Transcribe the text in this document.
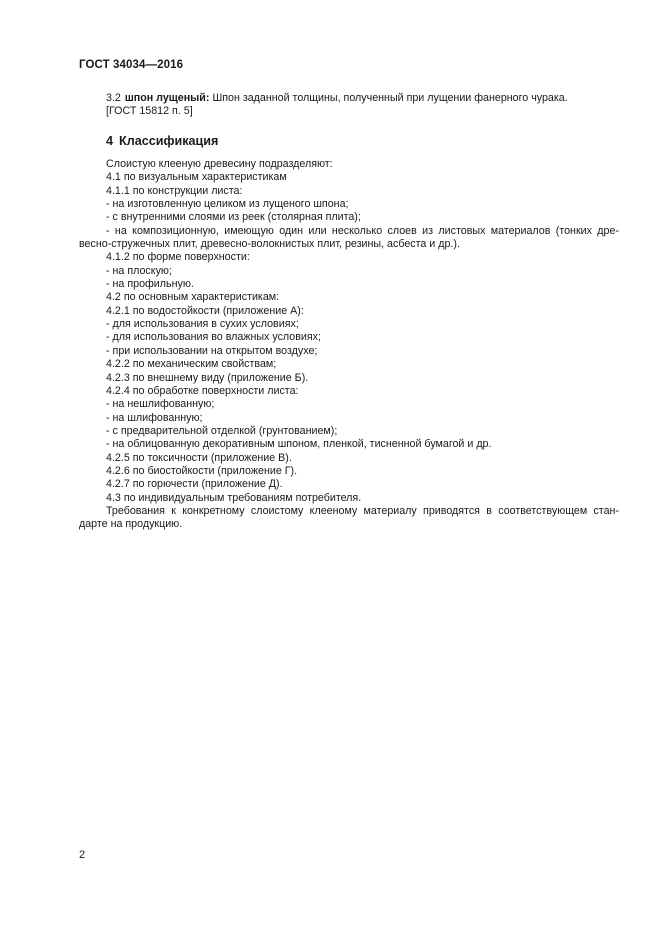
ГОСТ 34034—2016

3.2 шпон лущеный: Шпон заданной толщины, полученный при лущении фанерного чурака.

[ГОСТ 15812 п. 5]

4 Классификация

Слоистую клееную древесину подразделяют:

4.1 по визуальным характеристикам

4.1.1 по конструкции листа:

- на изготовленную целиком из лущеного шпона;

- с внутренними слоями из реек (столярная плита);

- на композиционную, имеющую один или несколько слоев из листовых материалов (тонких дре-

весно-стружечных плит, древесно-волокнистых плит, резины, асбеста и др.).

4.1.2 по форме поверхности:

- на плоскую;

- на профильную.

4.2 по основным характеристикам:

4.2.1 по водостойкости (приложение А):

- для использования в сухих условиях;

- для использования во влажных условиях;

- при использовании на открытом воздухе;

4.2.2 по механическим свойствам;

4.2.3 по внешнему виду (приложение Б).

4.2.4 по обработке поверхности листа:

- на нешлифованную;

- на шлифованную;

- с предварительной отделкой (грунтованием);

- на облицованную декоративным шпоном, пленкой, тисненной бумагой и др.

4.2.5 по токсичности (приложение В).

4.2.6 по биостойкости (приложение Г).

4.2.7 по горючести (приложение Д).

4.3 по индивидуальным требованиям потребителя.

Требования к конкретному слоистому клееному материалу приводятся в соответствующем стан-

дарте на продукцию.

2
